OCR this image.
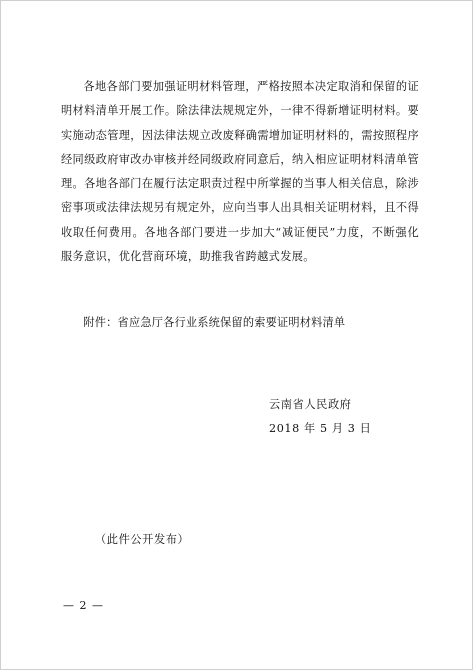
各地各部门要加强证明材料管理，严格按照本决定取消和保留的证明材料清单开展工作。除法律法规规定外，一律不得新增证明材料。要实施动态管理，因法律法规立改废释确需增加证明材料的，需按照程序经同级政府审改办审核并经同级政府同意后，纳入相应证明材料清单管理。各地各部门在履行法定职责过程中所掌握的当事人相关信息，除涉密事项或法律法规另有规定外，应向当事人出具相关证明材料，且不得收取任何费用。各地各部门要进一步加大“减证便民”力度，不断强化服务意识，优化营商环境，助推我省跨越式发展。

附件：省应急厅各行业系统保留的索要证明材料清单

云南省人民政府
2018 年 5 月 3 日
（此件公开发布）
— 2 —
